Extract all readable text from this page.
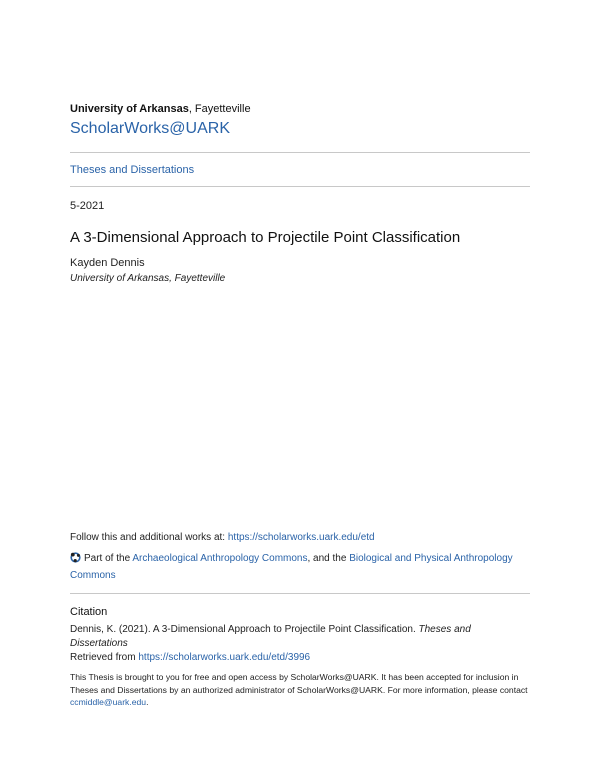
University of Arkansas, Fayetteville
ScholarWorks@UARK
Theses and Dissertations
5-2021
A 3-Dimensional Approach to Projectile Point Classification
Kayden Dennis
University of Arkansas, Fayetteville
Follow this and additional works at: https://scholarworks.uark.edu/etd
Part of the Archaeological Anthropology Commons, and the Biological and Physical Anthropology Commons
Citation
Dennis, K. (2021). A 3-Dimensional Approach to Projectile Point Classification. Theses and Dissertations
Retrieved from https://scholarworks.uark.edu/etd/3996
This Thesis is brought to you for free and open access by ScholarWorks@UARK. It has been accepted for inclusion in Theses and Dissertations by an authorized administrator of ScholarWorks@UARK. For more information, please contact ccmiddle@uark.edu.
